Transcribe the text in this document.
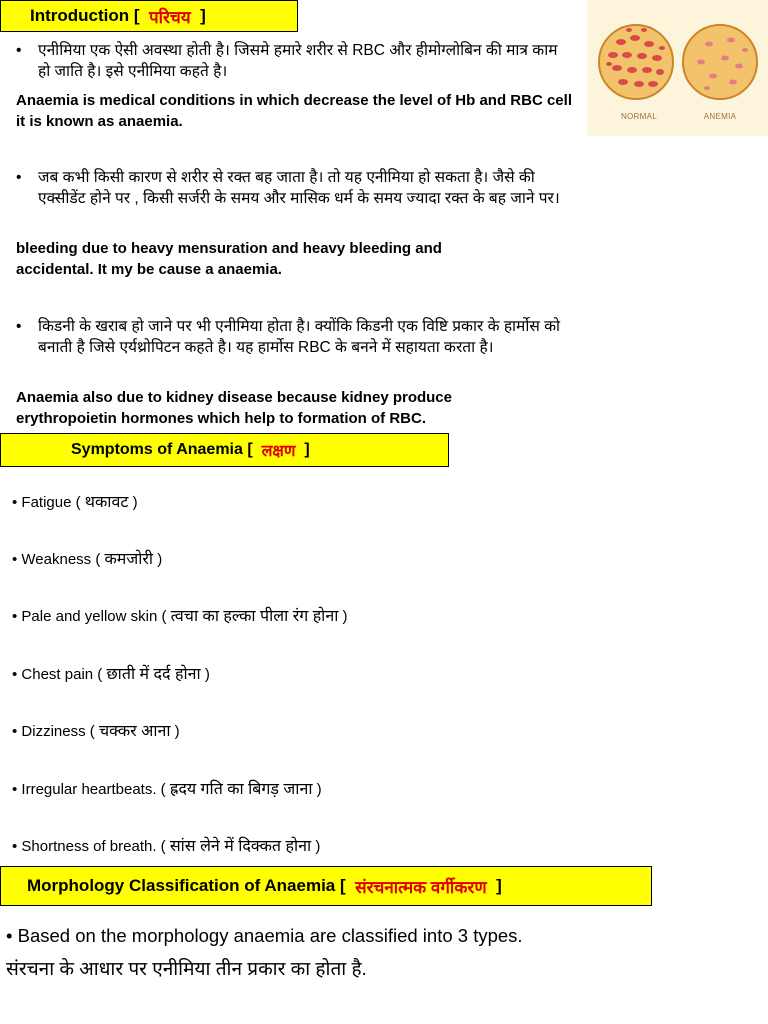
Introduction [
परिचय
]
• एनीमिया एक ऐसी अवस्था होती है। जिसमे हमारे शरीर से RBC और हीमोग्लोबिन की मात्र काम हो जाति है। इसे एनीमिया कहते है।
Anaemia is medical conditions in which decrease the level of Hb and RBC cell it is known as anaemia.
• जब कभी किसी कारण से शरीर से रक्त बह जाता है। तो यह एनीमिया हो सकता है। जैसे की एक्सीडेंट होने पर , किसी सर्जरी के समय और मासिक धर्म के समय ज्यादा रक्त के बह जाने पर।
bleeding due to heavy mensuration and heavy bleeding and accidental. It my be cause a anaemia.
• किडनी के खराब हो जाने पर भी एनीमिया होता है। क्योंकि किडनी एक विष्टि प्रकार के हार्मोस को बनाती है जिसे एर्यथ्रोपिटन कहते है। यह हार्मोस RBC के बनने में सहायता करता है।
Anaemia also due to kidney disease because kidney produce erythropoietin hormones which help to formation of RBC.
NORMAL	ANEMIA
Symptoms of Anaemia [
लक्षण
]
• Fatigue ( थकावट )
• Weakness ( कमजोरी )
• Pale and yellow skin ( त्वचा का हल्का पीला रंग होना )
• Chest pain ( छाती में दर्द होना )
• Dizziness ( चक्कर आना )
• Irregular heartbeats. ( ह्रदय गति का बिगड़ जाना )
• Shortness of breath. ( सांस लेने में दिक्कत होना )
Morphology Classification of Anaemia [
संरचनात्मक वर्गीकरण
]
• Based on the morphology anaemia are classified into 3 types.
संरचना के आधार पर एनीमिया तीन प्रकार का होता है.
